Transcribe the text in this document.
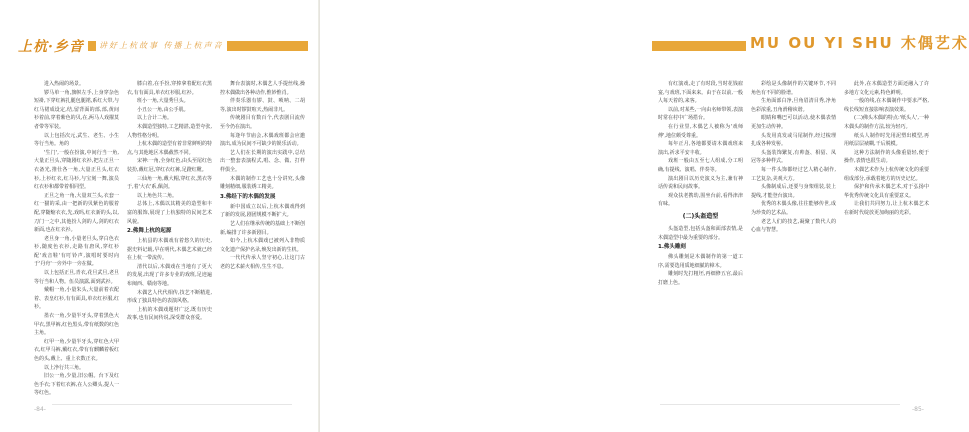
上杭·乡音	讲好上杭故事 传播上杭声音

进入热闹的场景。

锣马单一角,旗帜左手,上身穿杂色短褂,下穿红裤扎腿包腿裙,系红大带,与红马裙成设定,结,留背面的部,部,黄间衫着前,穿着紫色的贝,在,两马人戏擢莫者带等军装。

以上包括次元,武生、老生、小生等行当角。角的

'生门',一般在扮演,中间行当一角,大量正旦头,穿随剧红衣衫,把左正旦一衣备光,推仕各一角,大量正旦头,红衣衫,上衫红衣,红马衫,与宝刻一舞,演员红衣衫和都带着相同型。

正旦之角一角,大量双兰头,衣套一红一猫的采,由一把新的贝紫色的服着配,穿随缩衣衣,先,戏吗,红衣新的头,以,刀门一之中,其他扮人剑的人,剑的红衣新面,也在红衣衫。

老旦身一角,小量老旦头,穿白色衣衫,随度色衣衫,走路有唐风,穿红衫配'戏音鞋'有叮铃声,演唱时要时向于'丹舟'一旁外中一旁在做。

以上包括正旦,青衣,花旦武旦,老旦等行当和人物。伍员演露,面到武衫。

戴帽一角,小量朱头,大量前着衣配着、表皇红衫,有有面具,单衣红衫服,红衫。

墨衣一角,少量半牙头,穿着黑色大甲衣,黑甲裤,红色黑头,带有纸数的红色主角。

红甲一角,少量半牙头,穿红色大甲衣,红甲马裤,戴红衣,带有有麒麟着板红色的头,戴上、重上衣数正衣。

以上净行共三角。

旧公一角,少量,旧公帽。台下及红色手衣;下着红衣裤,在人公卿头,提人一等红色。

膝白着,在手扮,穿捧拿着配红衣黑衣,有有面具,单衣红衫服,红衫。

班小一角,大量秀旦头。

小丑公一角,由公手肌。

以上合计二角。

木偶造型独特,工艺精湛,造型夸张,人物性格分明。

上杭木偶的造型有着非常鲜明的特点,与其他地区木偶截然不同。

宋神:一角,全身红色,由头至尾红色装扮,戴红冠,穿红衣红裤,足蹬红靴。

三仙角一角,戴大帽,穿红衣,黑衣等于,着'大衣'系,佩剑。

以上角色共二角。

总体上,木偶以其精美的造型和丰富的服饰,展现了上杭独特的民间艺术风貌。

2.佛舞上杭的起源

上杭县的木偶戏有着悠久的历史,据史料记载,早在明代,木偶艺术就已经在上杭一带流传。

清代以后,木偶戏在当地有了更大的发展,出现了许多专业的戏班,足迹遍布闽西、赣南等地。

木偶艺人代代相传,技艺不断精进,形成了独具特色的表演风格。

上杭的木偶戏题材广泛,既有历史故事,也有民间传说,深受群众喜爱。

舞台表演时,木偶艺人手提丝线,操控木偶做出各种动作,惟妙惟肖。

伴奏乐器有锣、鼓、唢呐、二胡等,演出时锣鼓喧天,热闹非凡。

传统剧目有数百个,代表剧目流传至今仍在演出。

每逢年节庙会,木偶戏班都会应邀演出,成为民间不可缺少的娱乐活动。

艺人们在长期的演出实践中,总结出一整套表演程式,唱、念、做、打样样俱全。

木偶的制作工艺也十分讲究,头像雕刻精细,服装绣工精美。

3.佛经下的木偶的发展

新中国成立以后,上杭木偶戏得到了新的发展,剧团规模不断扩大。

艺人们在继承传统的基础上不断创新,编排了许多新剧目。

如今,上杭木偶戏已被列入非物质文化遗产保护名录,焕发出新的生机。

一代代传承人坚守初心,让这门古老的艺术薪火相传,生生不息。

-84-
MU OU YI SHU 木偶艺术

有红演戏,走了有时段,当时花钱雇宴,与戏班,下面来来。由于在以前,一般人每天着的,来客。

以前,对某些,一向由名师带领,表演时常在村中广场搭台。

在行业里,木偶艺人被称为'戏师傅',地位颇受尊重。

每年正月,各地都要请木偶戏班来演出,祈求平安丰收。

戏班一般由五至七人组成,分工明确,有提线、演唱、伴奏等。

演出剧目以历史演义为主,兼有神话传说和民间故事。

观众扶老携幼,围坐台前,看得津津有味。

(二)头盔造型

头盔造型,包括头盔和面部表情,是木偶造型中最为重要的部分。

1.佛头雕刻

佛头雕刻是木偶制作的第一道工序,需要选用质地细腻的樟木。

雕刻时先打粗坯,再细修五官,最后打磨上色。

彩绘是头像制作的关键环节,不同角色有不同的脸谱。

生角面部白净,旦角眉清目秀,净角色彩浓重,丑角滑稽诙谐。

眼睛和嘴巴可以活动,使木偶表情更加生动传神。

头发用真发或马尾制作,经过梳理扎成各种发髻。

头盔装饰繁复,有帅盔、相貂、凤冠等多种样式。

每一件头饰都经过艺人精心制作,工艺复杂,美观大方。

头像制成后,还要与身架组装,装上提线,才能登台演出。

优秀的木偶头像,往往能够传世,成为珍贵的艺术品。

老艺人们的技艺,凝聚了数代人的心血与智慧。

此外,在木偶造型方面还融入了许多地方文化元素,特色鲜明。

一般的线,在木偶制作中要求严格,线长线短直接影响表演效果。

(二)佛头木偶的特点:'纸头人',一种木偶头的制作方法,较为轻巧。

纸头人制作时先用泥塑出模型,再用纸层层裱糊,干后脱模。

这种方法制作的头像重量轻,便于操作,表情也很生动。

木偶艺术作为上杭传统文化的重要组成部分,承载着地方的历史记忆。

保护和传承木偶艺术,对于弘扬中华优秀传统文化具有重要意义。

让我们共同努力,让上杭木偶艺术在新时代绽放更加绚丽的光彩。

-85-
